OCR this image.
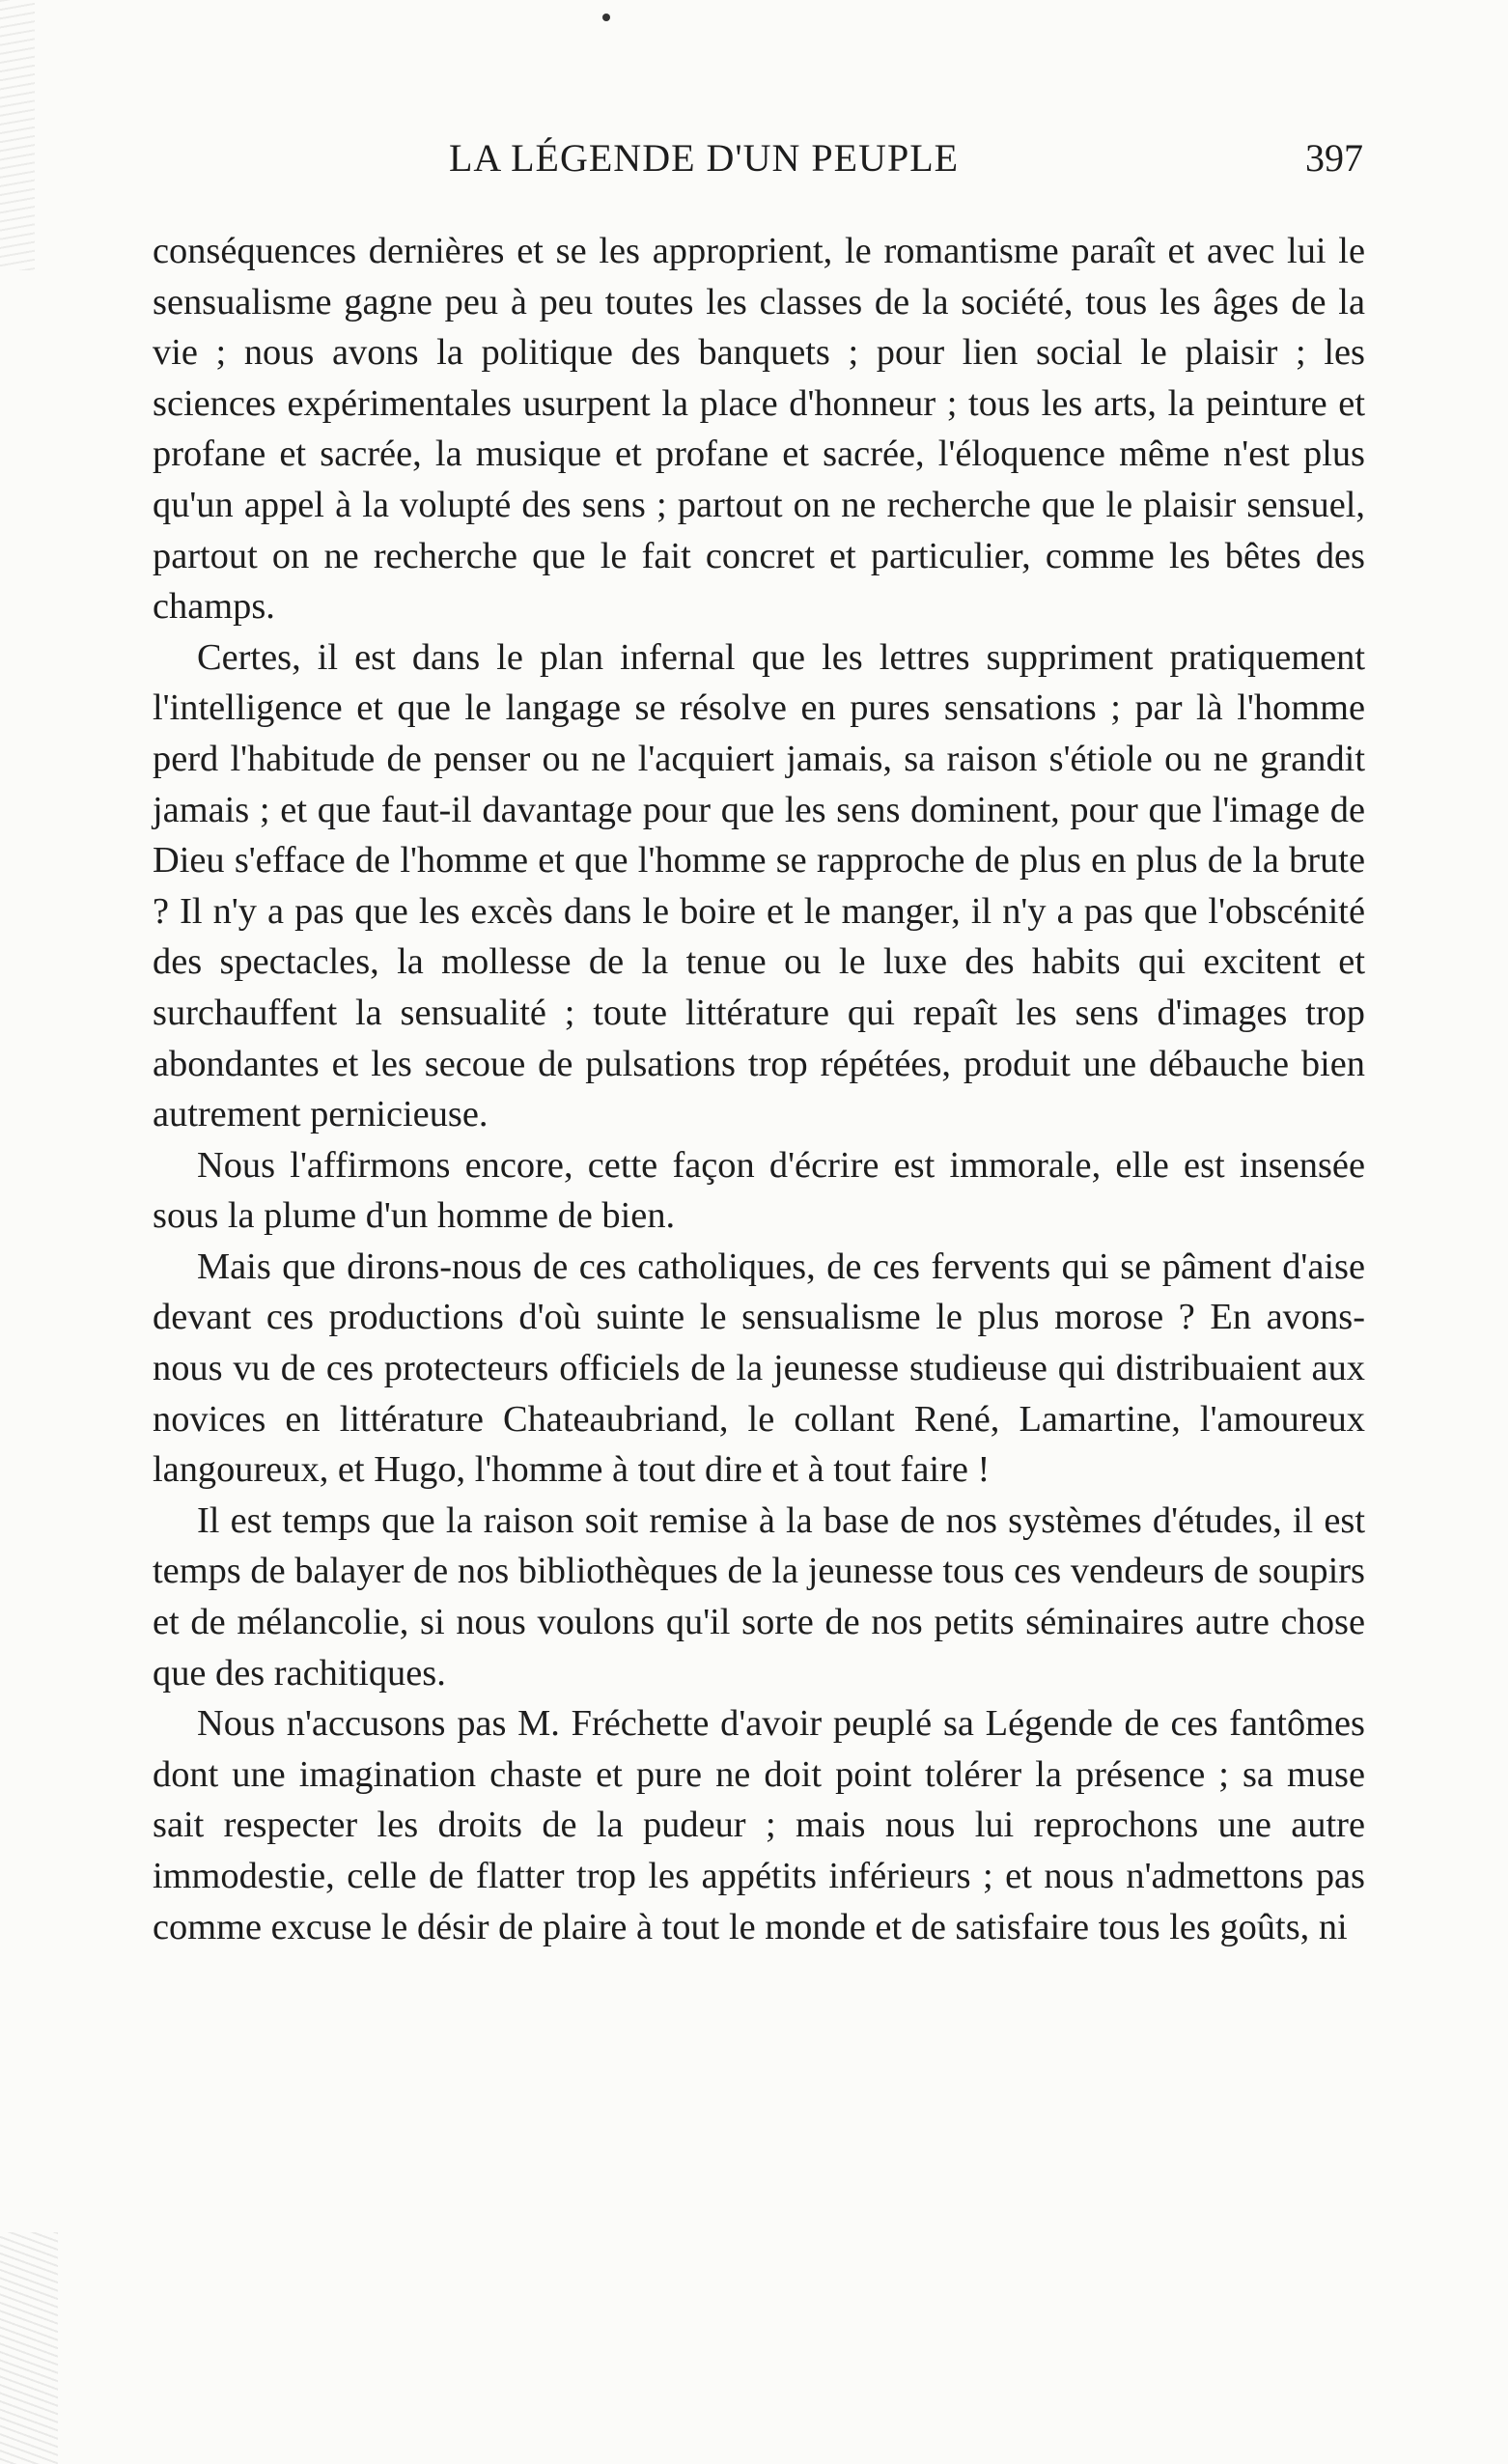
LA LÉGENDE D'UN PEUPLE	397

conséquences dernières et se les approprient, le romantisme paraît et avec lui le sensualisme gagne peu à peu toutes les classes de la société, tous les âges de la vie ; nous avons la politique des banquets ; pour lien social le plaisir ; les sciences expérimentales usurpent la place d'honneur ; tous les arts, la peinture et profane et sacrée, la musique et profane et sacrée, l'éloquence même n'est plus qu'un appel à la volupté des sens ; partout on ne recherche que le plaisir sensuel, partout on ne recherche que le fait concret et particulier, comme les bêtes des champs.

Certes, il est dans le plan infernal que les lettres suppriment pratiquement l'intelligence et que le langage se résolve en pures sensations ; par là l'homme perd l'habitude de penser ou ne l'acquiert jamais, sa raison s'étiole ou ne grandit jamais ; et que faut-il davantage pour que les sens dominent, pour que l'image de Dieu s'efface de l'homme et que l'homme se rapproche de plus en plus de la brute ? Il n'y a pas que les excès dans le boire et le manger, il n'y a pas que l'obscénité des spectacles, la mollesse de la tenue ou le luxe des habits qui excitent et surchauffent la sensualité ; toute littérature qui repaît les sens d'images trop abondantes et les secoue de pulsations trop répétées, produit une débauche bien autrement pernicieuse.

Nous l'affirmons encore, cette façon d'écrire est immorale, elle est insensée sous la plume d'un homme de bien.

Mais que dirons-nous de ces catholiques, de ces fervents qui se pâment d'aise devant ces productions d'où suinte le sensualisme le plus morose ? En avons-nous vu de ces protecteurs officiels de la jeunesse studieuse qui distribuaient aux novices en littérature Chateaubriand, le collant René, Lamartine, l'amoureux langoureux, et Hugo, l'homme à tout dire et à tout faire !

Il est temps que la raison soit remise à la base de nos systèmes d'études, il est temps de balayer de nos bibliothèques de la jeunesse tous ces vendeurs de soupirs et de mélancolie, si nous voulons qu'il sorte de nos petits séminaires autre chose que des rachitiques.

Nous n'accusons pas M. Fréchette d'avoir peuplé sa Légende de ces fantômes dont une imagination chaste et pure ne doit point tolérer la présence ; sa muse sait respecter les droits de la pudeur ; mais nous lui reprochons une autre immodestie, celle de flatter trop les appétits inférieurs ; et nous n'admettons pas comme excuse le désir de plaire à tout le monde et de satisfaire tous les goûts, ni
